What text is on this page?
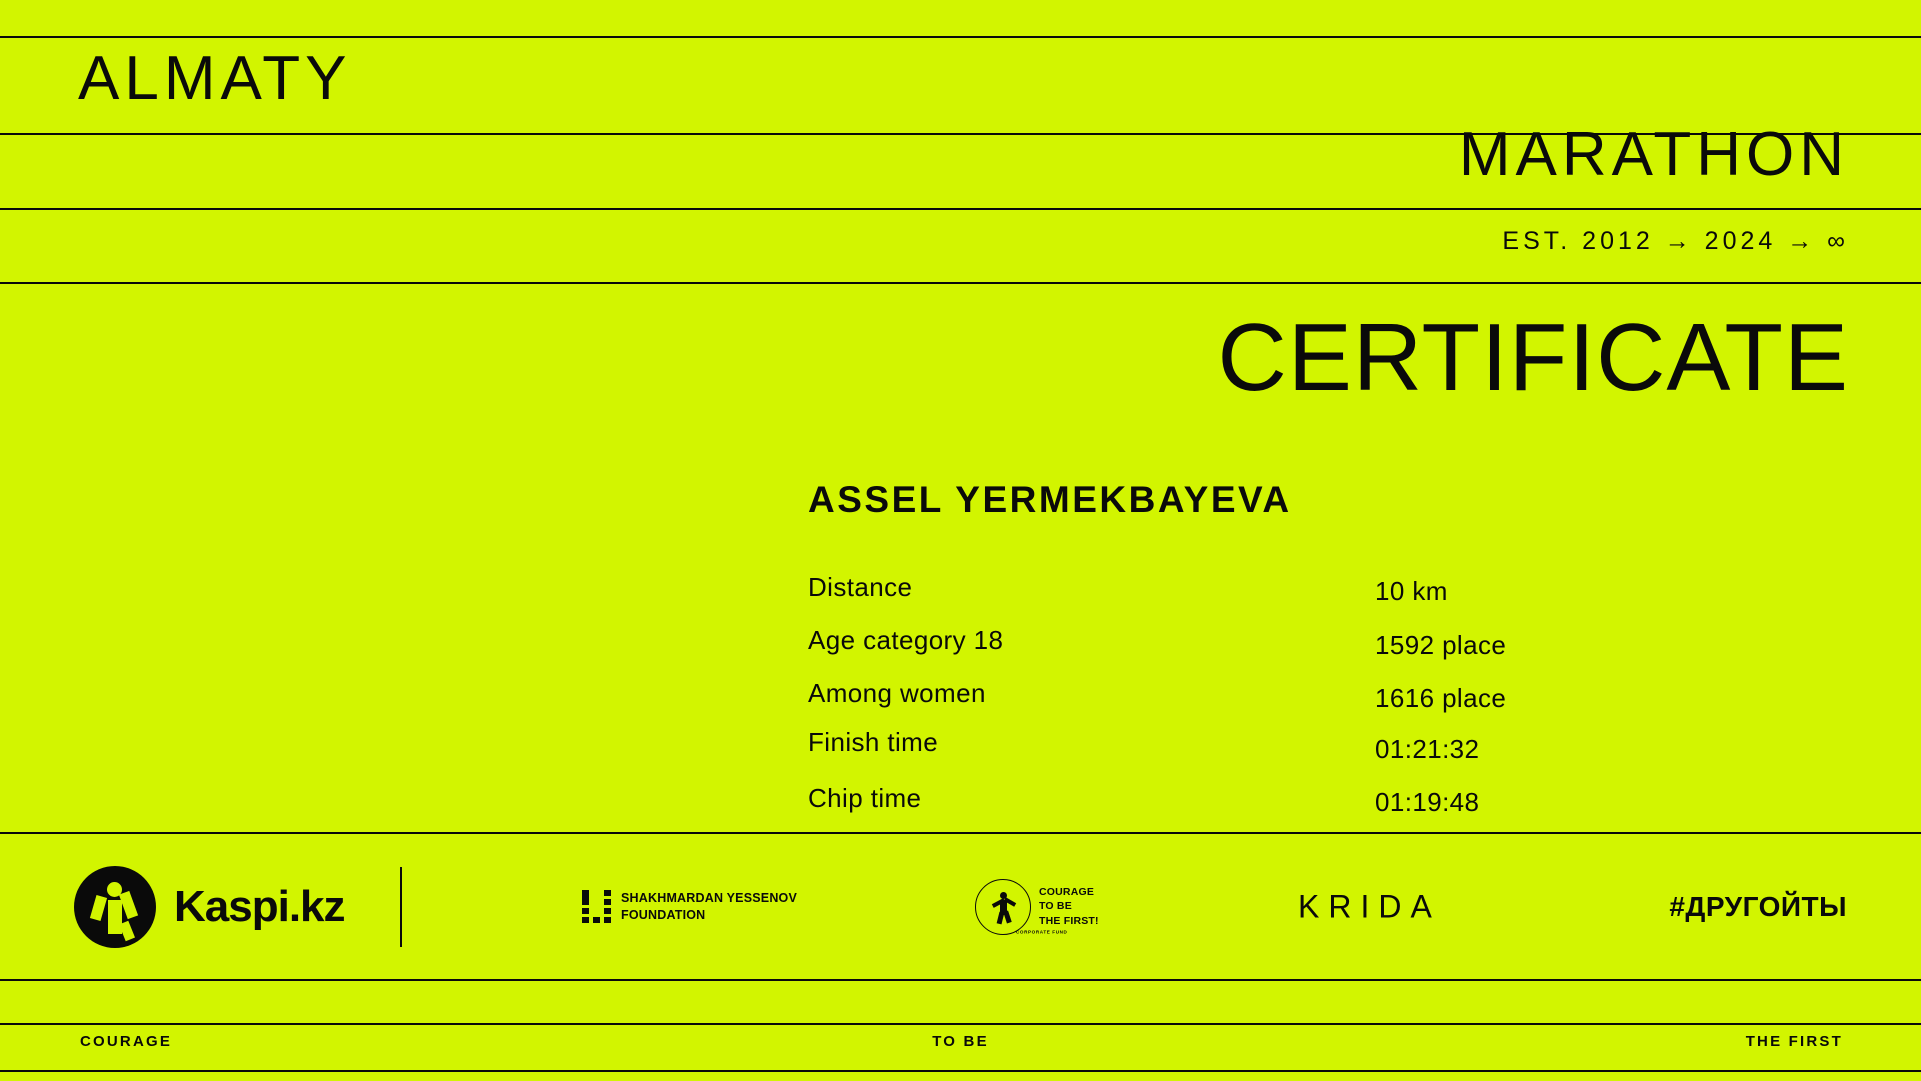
ALMATY
MARATHON
EST. 2012 → 2024 → ∞
CERTIFICATE
ASSEL YERMEKBAYEVA
Distance	10 km
Age category 18	1592 place
Among women	1616 place
Finish time	01:21:32
Chip time	01:19:48
Kaspi.kz	SHAKHMARDAN YESSENOV
FOUNDATION
CORPORATE FUND
COURAGE
TO BE
THE FIRST!	KRIDA	#ДРУГОЙТЫ
COURAGE	TO BE	THE FIRST
